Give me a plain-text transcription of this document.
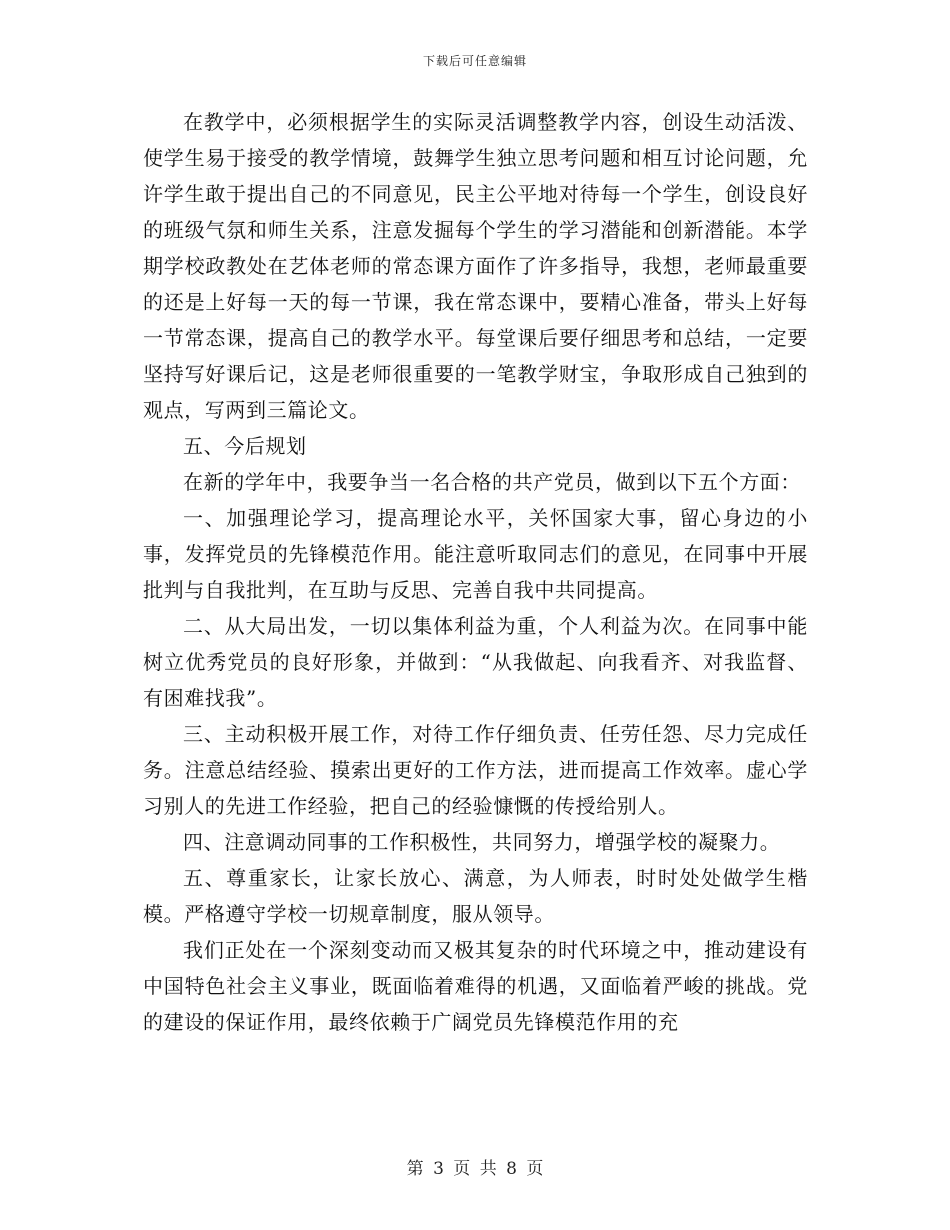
下载后可任意编辑

在教学中，必须根据学生的实际灵活调整教学内容，创设生动活泼、使学生易于接受的教学情境，鼓舞学生独立思考问题和相互讨论问题，允许学生敢于提出自己的不同意见，民主公平地对待每一个学生，创设良好的班级气氛和师生关系，注意发掘每个学生的学习潜能和创新潜能。本学期学校政教处在艺体老师的常态课方面作了许多指导，我想，老师最重要的还是上好每一天的每一节课，我在常态课中，要精心准备，带头上好每一节常态课，提高自己的教学水平。每堂课后要仔细思考和总结，一定要坚持写好课后记，这是老师很重要的一笔教学财宝，争取形成自己独到的观点，写两到三篇论文。

五、今后规划

在新的学年中，我要争当一名合格的共产党员，做到以下五个方面：

一、加强理论学习，提高理论水平，关怀国家大事，留心身边的小事，发挥党员的先锋模范作用。能注意听取同志们的意见，在同事中开展批判与自我批判，在互助与反思、完善自我中共同提高。

二、从大局出发，一切以集体利益为重，个人利益为次。在同事中能树立优秀党员的良好形象，并做到：“从我做起、向我看齐、对我监督、有困难找我”。

三、主动积极开展工作，对待工作仔细负责、任劳任怨、尽力完成任务。注意总结经验、摸索出更好的工作方法，进而提高工作效率。虚心学习别人的先进工作经验，把自己的经验慷慨的传授给别人。

四、注意调动同事的工作积极性，共同努力，增强学校的凝聚力。

五、尊重家长，让家长放心、满意，为人师表，时时处处做学生楷模。严格遵守学校一切规章制度，服从领导。

我们正处在一个深刻变动而又极其复杂的时代环境之中，推动建设有中国特色社会主义事业，既面临着难得的机遇，又面临着严峻的挑战。党的建设的保证作用，最终依赖于广阔党员先锋模范作用的充

第 3 页 共 8 页
